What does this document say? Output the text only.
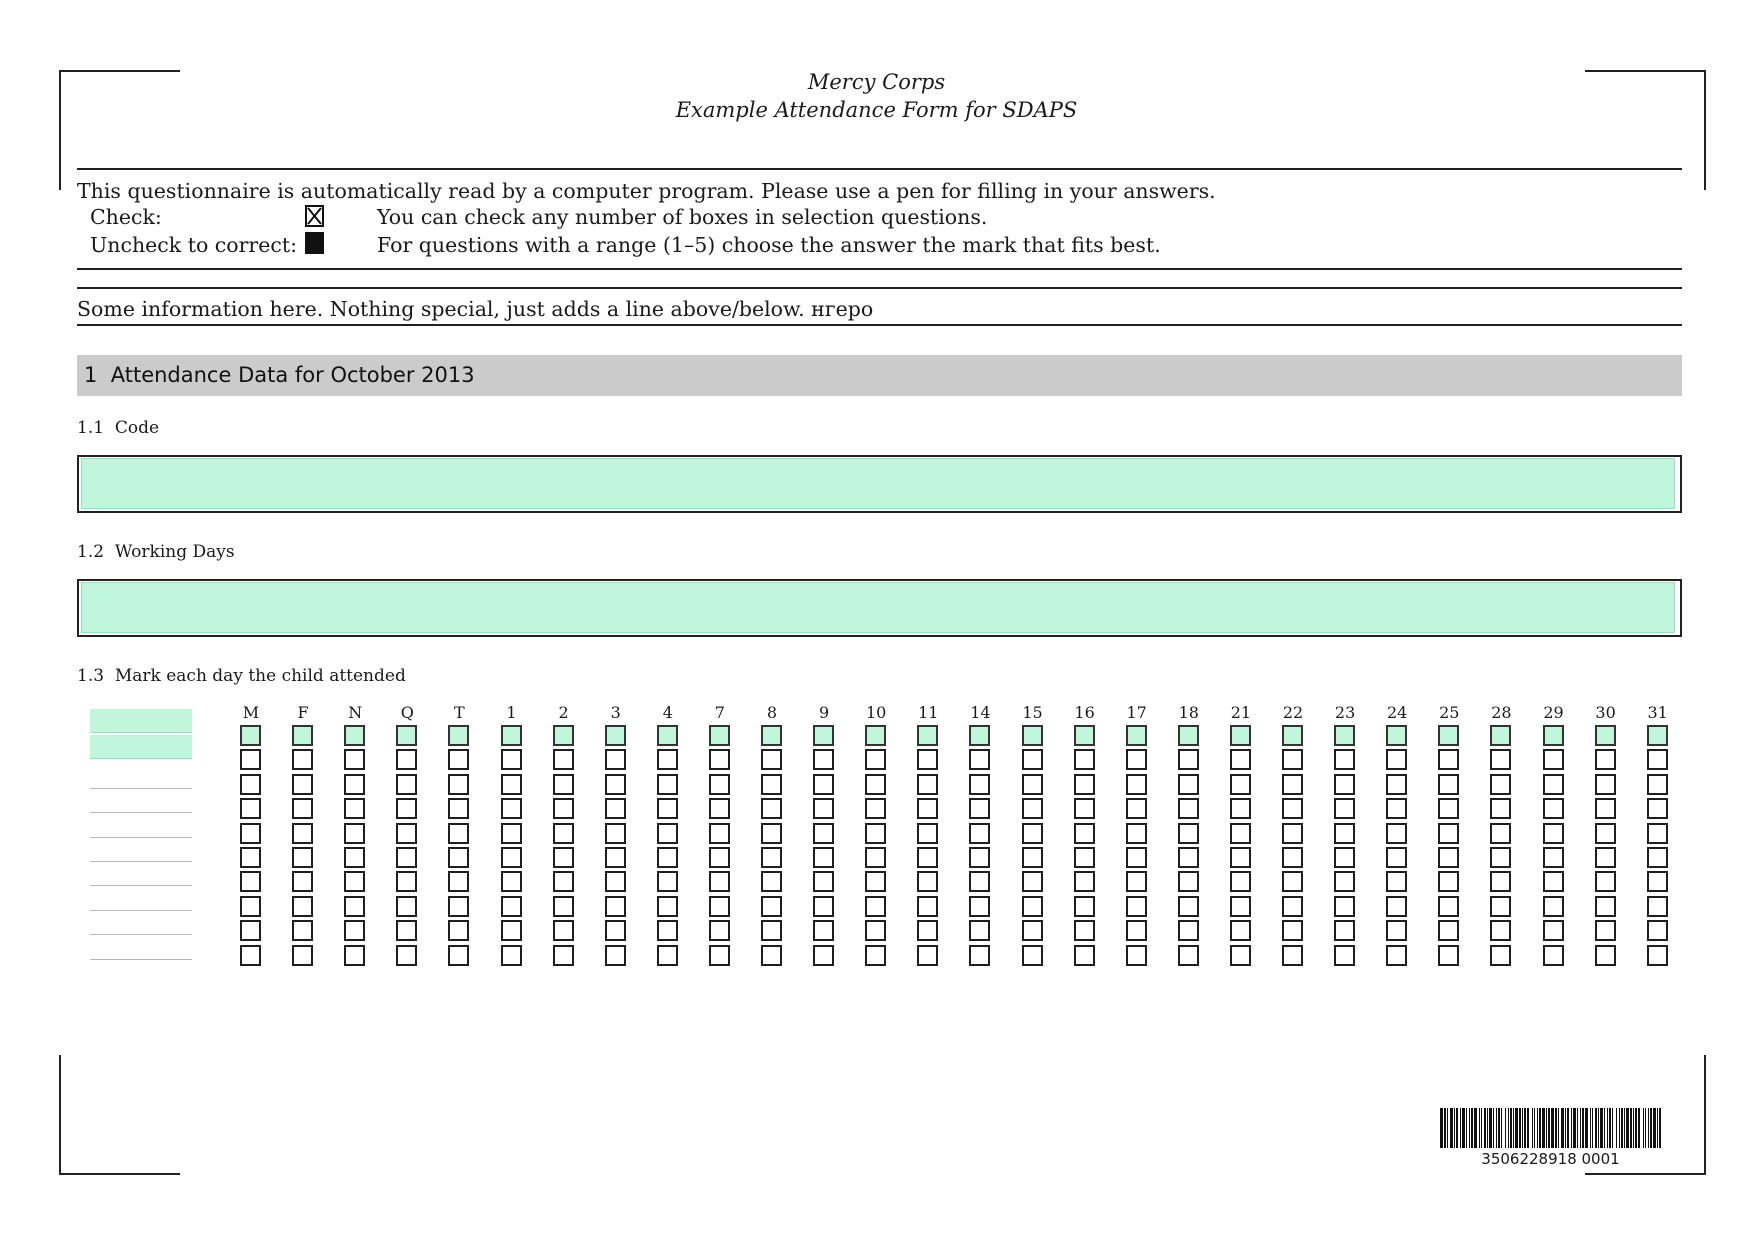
Mercy Corps
Example Attendance Form for SDAPS
This questionnaire is automatically read by a computer program. Please use a pen for filling in your answers.
Check:	You can check any number of boxes in selection questions.
Uncheck to correct:	For questions with a range (1–5) choose the answer the mark that fits best.
Some information here. Nothing special, just adds a line above/below. нгеро
1 Attendance Data for October 2013
1.1 Code
1.2 Working Days
1.3 Mark each day the child attended
M	F	N	Q	T	1	2	3	4	7	8	9	10	11	14	15	16	17	18	21	22	23	24	25	28	29	30	31
3506228918 0001
